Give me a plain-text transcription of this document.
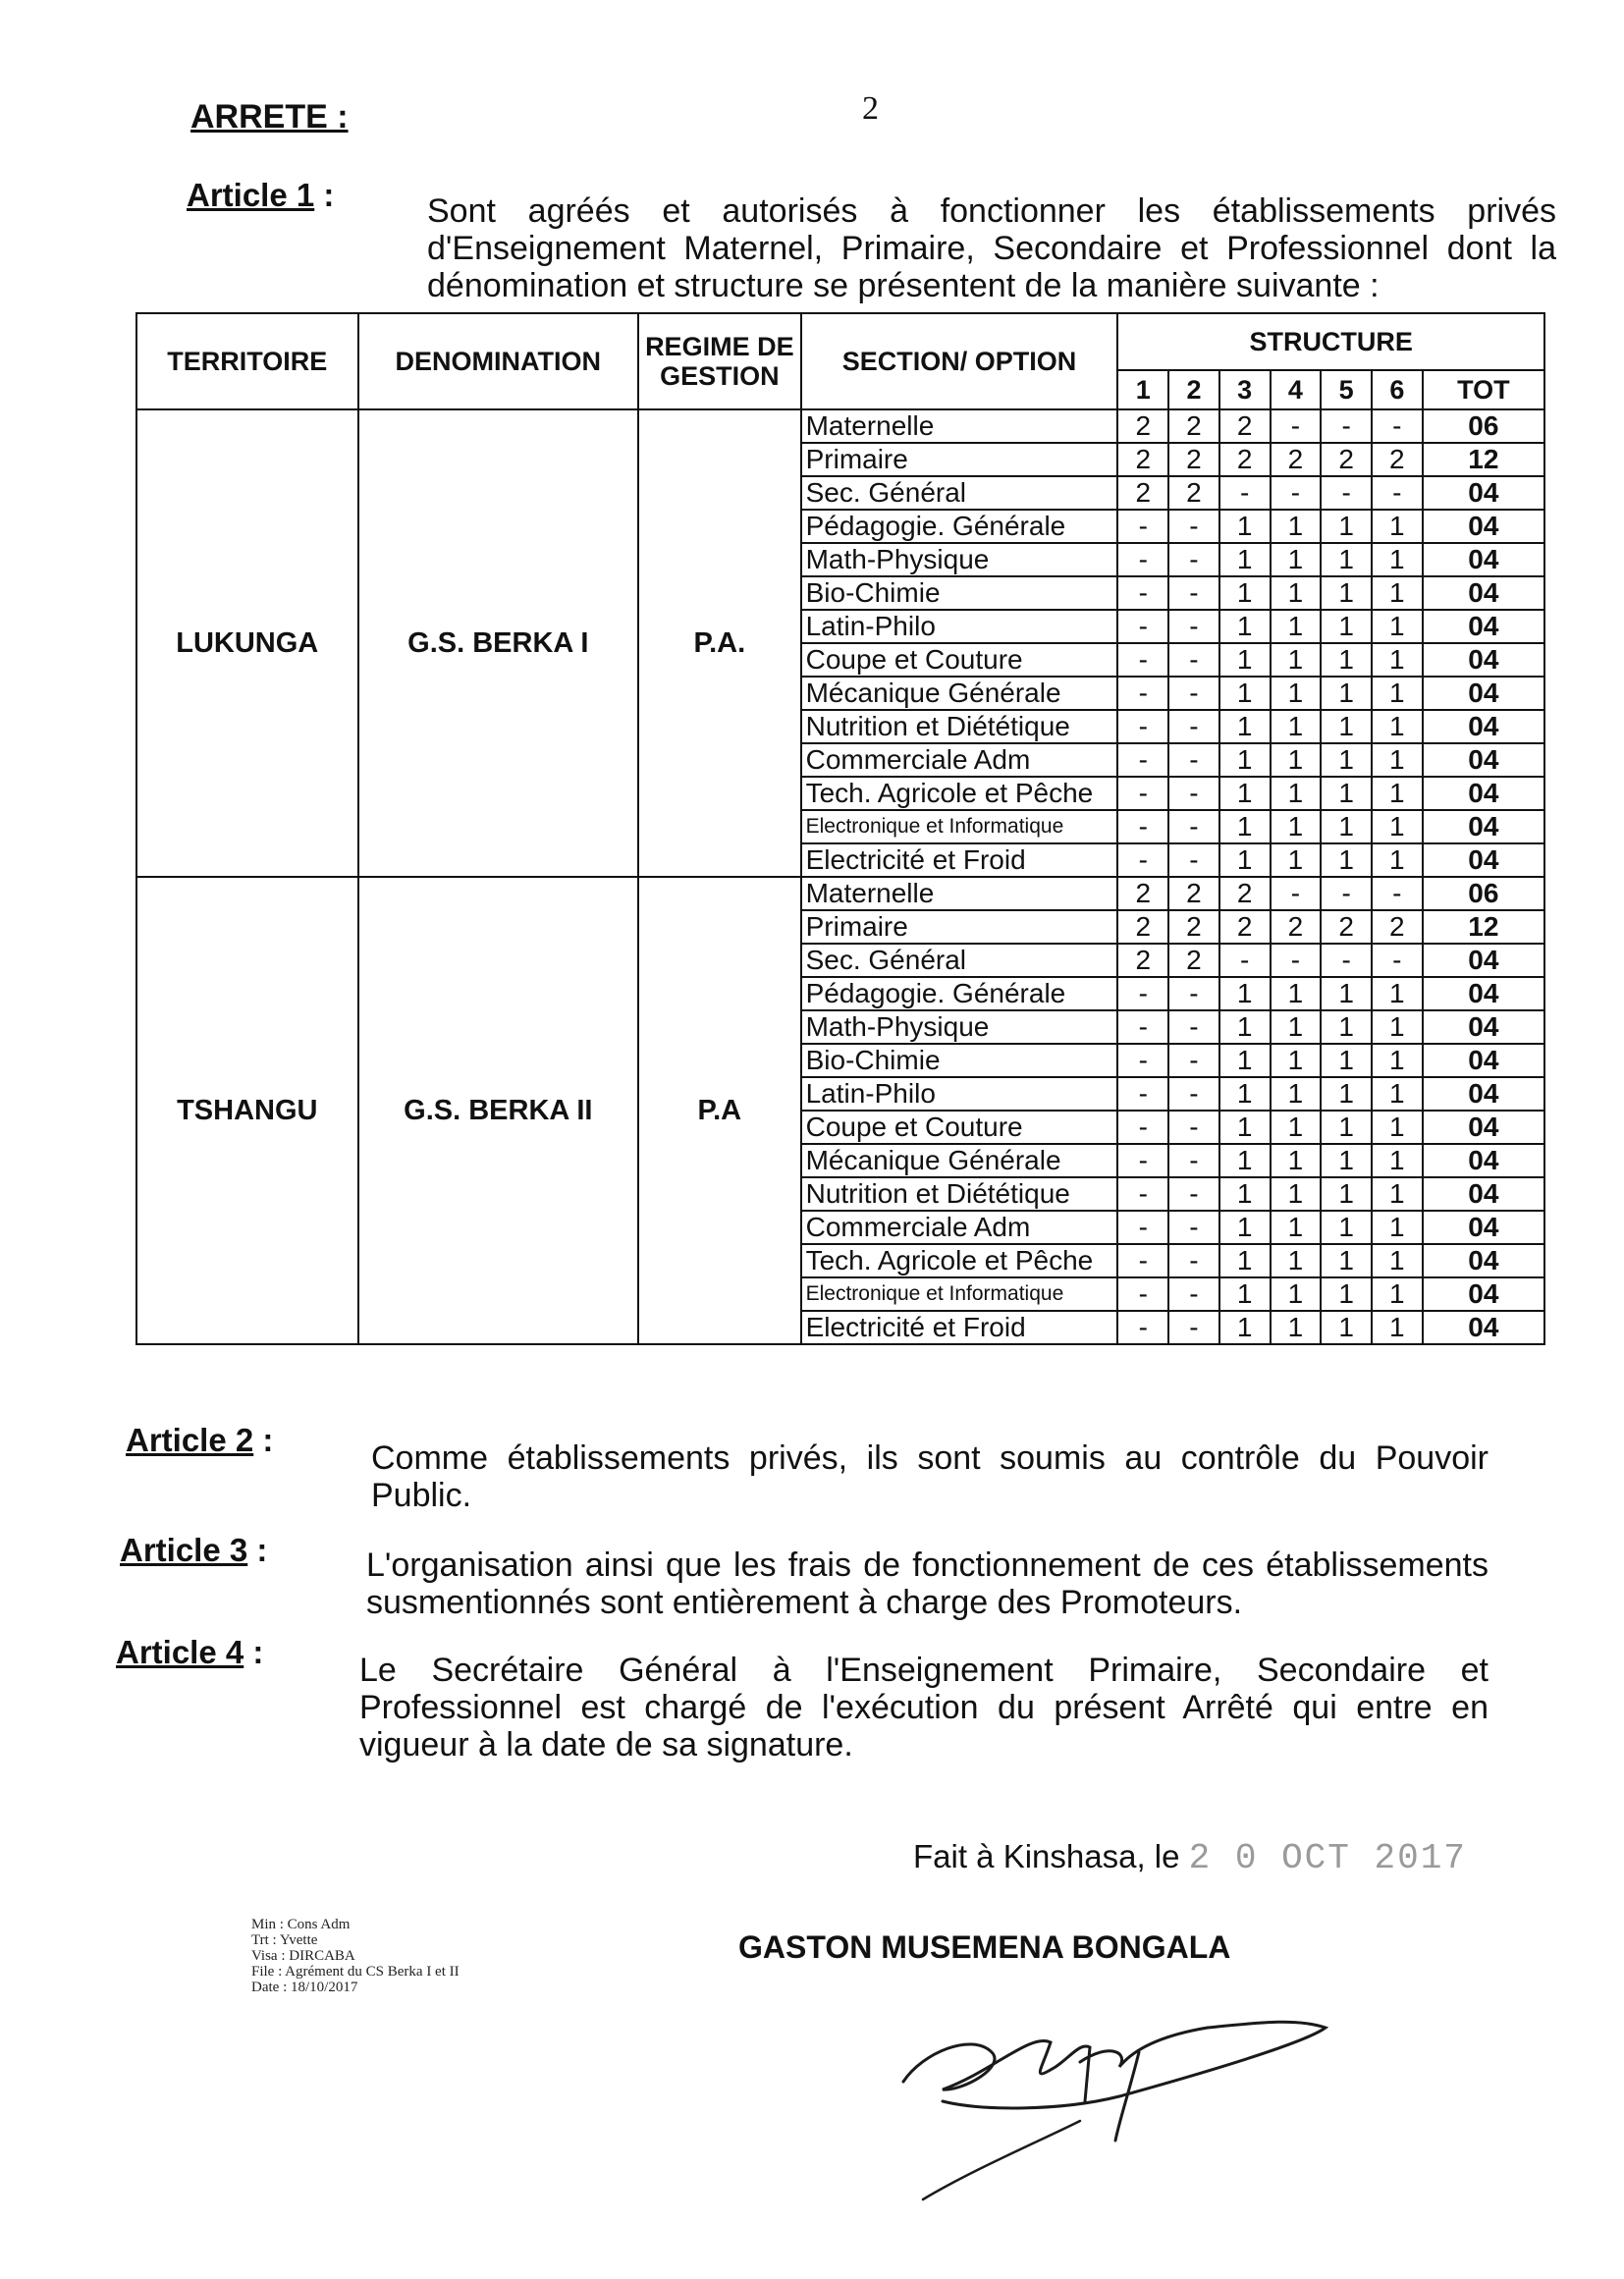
2
ARRETE :
Article 1 :	Sont agréés et autorisés à fonctionner les établissements privés d'Enseignement Maternel, Primaire, Secondaire et Professionnel dont la dénomination et structure se présentent de la manière suivante :
TERRITOIRE	DENOMINATION	REGIME DE GESTION	SECTION/ OPTION	STRUCTURE						
				1	2	3	4	5	6	TOT
LUKUNGA	G.S. BERKA I	P.A.	Maternelle	2	2	2	-	-	-	06
			Primaire	2	2	2	2	2	2	12
			Sec. Général	2	2	-	-	-	-	04
			Pédagogie. Générale	-	-	1	1	1	1	04
			Math-Physique	-	-	1	1	1	1	04
			Bio-Chimie	-	-	1	1	1	1	04
			Latin-Philo	-	-	1	1	1	1	04
			Coupe et Couture	-	-	1	1	1	1	04
			Mécanique Générale	-	-	1	1	1	1	04
			Nutrition et Diététique	-	-	1	1	1	1	04
			Commerciale Adm	-	-	1	1	1	1	04
			Tech. Agricole et Pêche	-	-	1	1	1	1	04
			Electronique et Informatique	-	-	1	1	1	1	04
			Electricité et Froid	-	-	1	1	1	1	04
TSHANGU	G.S. BERKA II	P.A	Maternelle	2	2	2	-	-	-	06
			Primaire	2	2	2	2	2	2	12
			Sec. Général	2	2	-	-	-	-	04
			Pédagogie. Générale	-	-	1	1	1	1	04
			Math-Physique	-	-	1	1	1	1	04
			Bio-Chimie	-	-	1	1	1	1	04
			Latin-Philo	-	-	1	1	1	1	04
			Coupe et Couture	-	-	1	1	1	1	04
			Mécanique Générale	-	-	1	1	1	1	04
			Nutrition et Diététique	-	-	1	1	1	1	04
			Commerciale Adm	-	-	1	1	1	1	04
			Tech. Agricole et Pêche	-	-	1	1	1	1	04
			Electronique et Informatique	-	-	1	1	1	1	04
			Electricité et Froid	-	-	1	1	1	1	04
Article 2 :	Comme établissements privés, ils sont soumis au contrôle du Pouvoir Public.
Article 3 :	L'organisation ainsi que les frais de fonctionnement de ces établissements susmentionnés sont entièrement à charge des Promoteurs.
Article 4 :	Le Secrétaire Général à l'Enseignement Primaire, Secondaire et Professionnel est chargé de l'exécution du présent Arrêté qui entre en vigueur à la date de sa signature.
Fait à Kinshasa, le 2 0 OCT 2017
GASTON MUSEMENA BONGALA
Min : Cons Adm
Trt : Yvette
Visa : DIRCABA
File : Agrément du CS Berka I et II
Date : 18/10/2017
